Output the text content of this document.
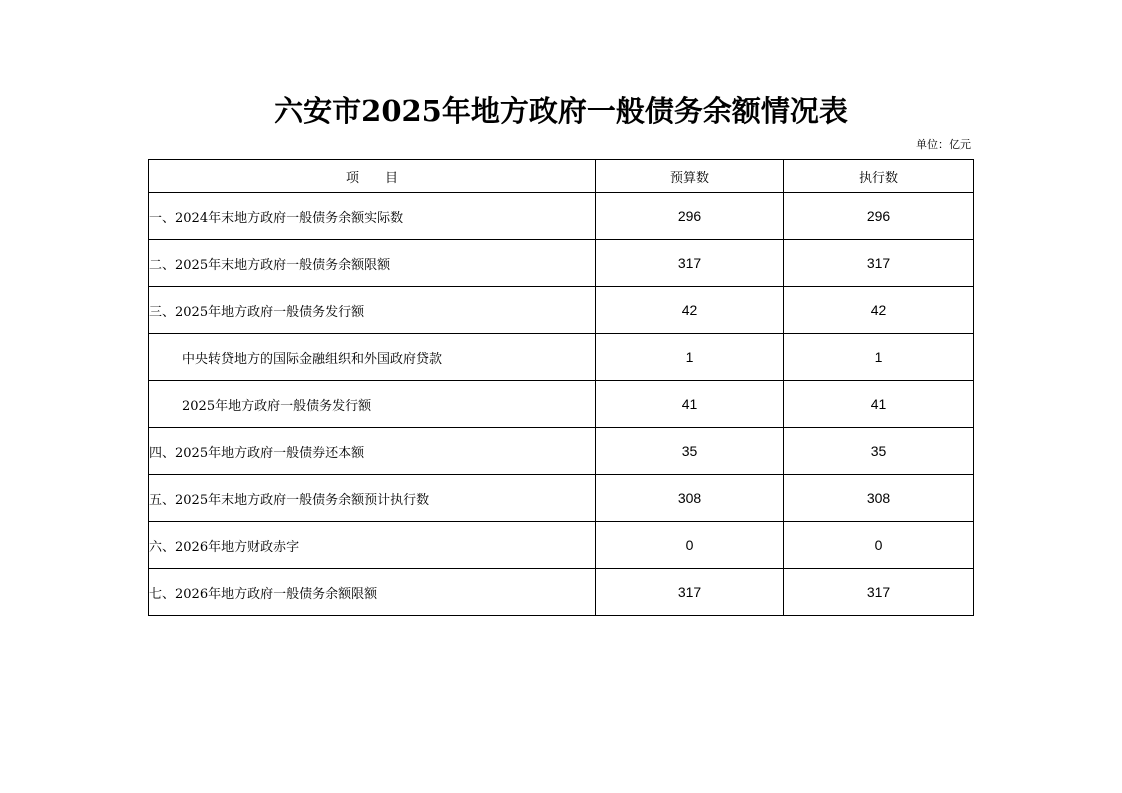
六安市2025年地方政府一般债务余额情况表
单位：亿元
项　　目	预算数	执行数
一、2024年末地方政府一般债务余额实际数	296	296
二、2025年末地方政府一般债务余额限额	317	317
三、2025年地方政府一般债务发行额	42	42
中央转贷地方的国际金融组织和外国政府贷款	1	1
2025年地方政府一般债务发行额	41	41
四、2025年地方政府一般债券还本额	35	35
五、2025年末地方政府一般债务余额预计执行数	308	308
六、2026年地方财政赤字	0	0
七、2026年地方政府一般债务余额限额	317	317
